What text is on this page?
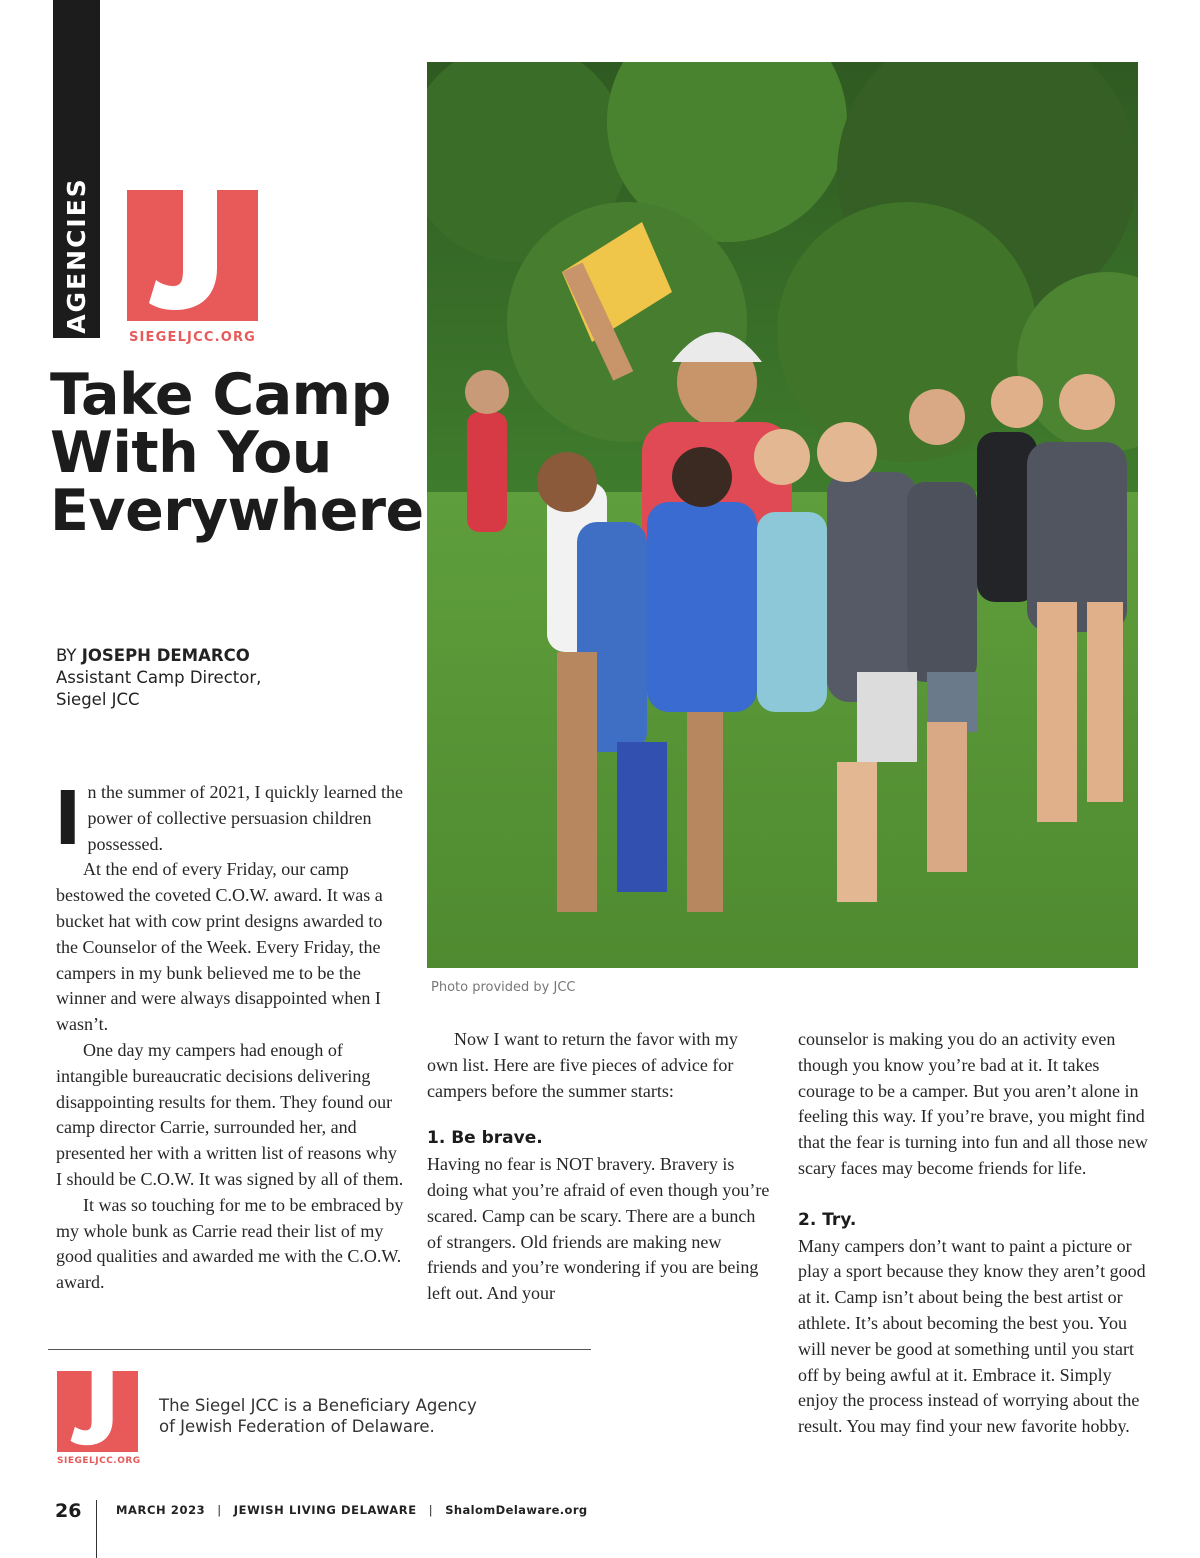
AGENCIES
SIEGELJCC.ORG
Take Camp With You Everywhere
BY JOSEPH DEMARCO
Assistant Camp Director,
Siegel JCC
Photo provided by JCC

In the summer of 2021, I quickly learned the power of collective persuasion children possessed.

At the end of every Friday, our camp bestowed the coveted C.O.W. award. It was a bucket hat with cow print designs awarded to the Counselor of the Week. Every Friday, the campers in my bunk believed me to be the winner and were always disappointed when I wasn’t.

One day my campers had enough of intangible bureaucratic decisions delivering disappointing results for them. They found our camp director Carrie, surrounded her, and presented her with a written list of reasons why I should be C.O.W. It was signed by all of them.

It was so touching for me to be embraced by my whole bunk as Carrie read their list of my good qualities and awarded me with the C.O.W. award.

Now I want to return the favor with my own list. Here are five pieces of advice for campers before the summer starts:

1. Be brave.

Having no fear is NOT bravery. Bravery is doing what you’re afraid of even though you’re scared. Camp can be scary. There are a bunch of strangers. Old friends are making new friends and you’re wondering if you are being left out. And your

counselor is making you do an activity even though you know you’re bad at it. It takes courage to be a camper. But you aren’t alone in feeling this way. If you’re brave, you might find that the fear is turning into fun and all those new scary faces may become friends for life.

2. Try.

Many campers don’t want to paint a picture or play a sport because they know they aren’t good at it. Camp isn’t about being the best artist or athlete. It’s about becoming the best you. You will never be good at something until you start off by being awful at it. Embrace it. Simply enjoy the process instead of worrying about the result. You may find your new favorite hobby.

SIEGELJCC.ORG
The Siegel JCC is a Beneficiary Agency
of Jewish Federation of Delaware.
26	MARCH 2023 | JEWISH LIVING DELAWARE | ShalomDelaware.org
